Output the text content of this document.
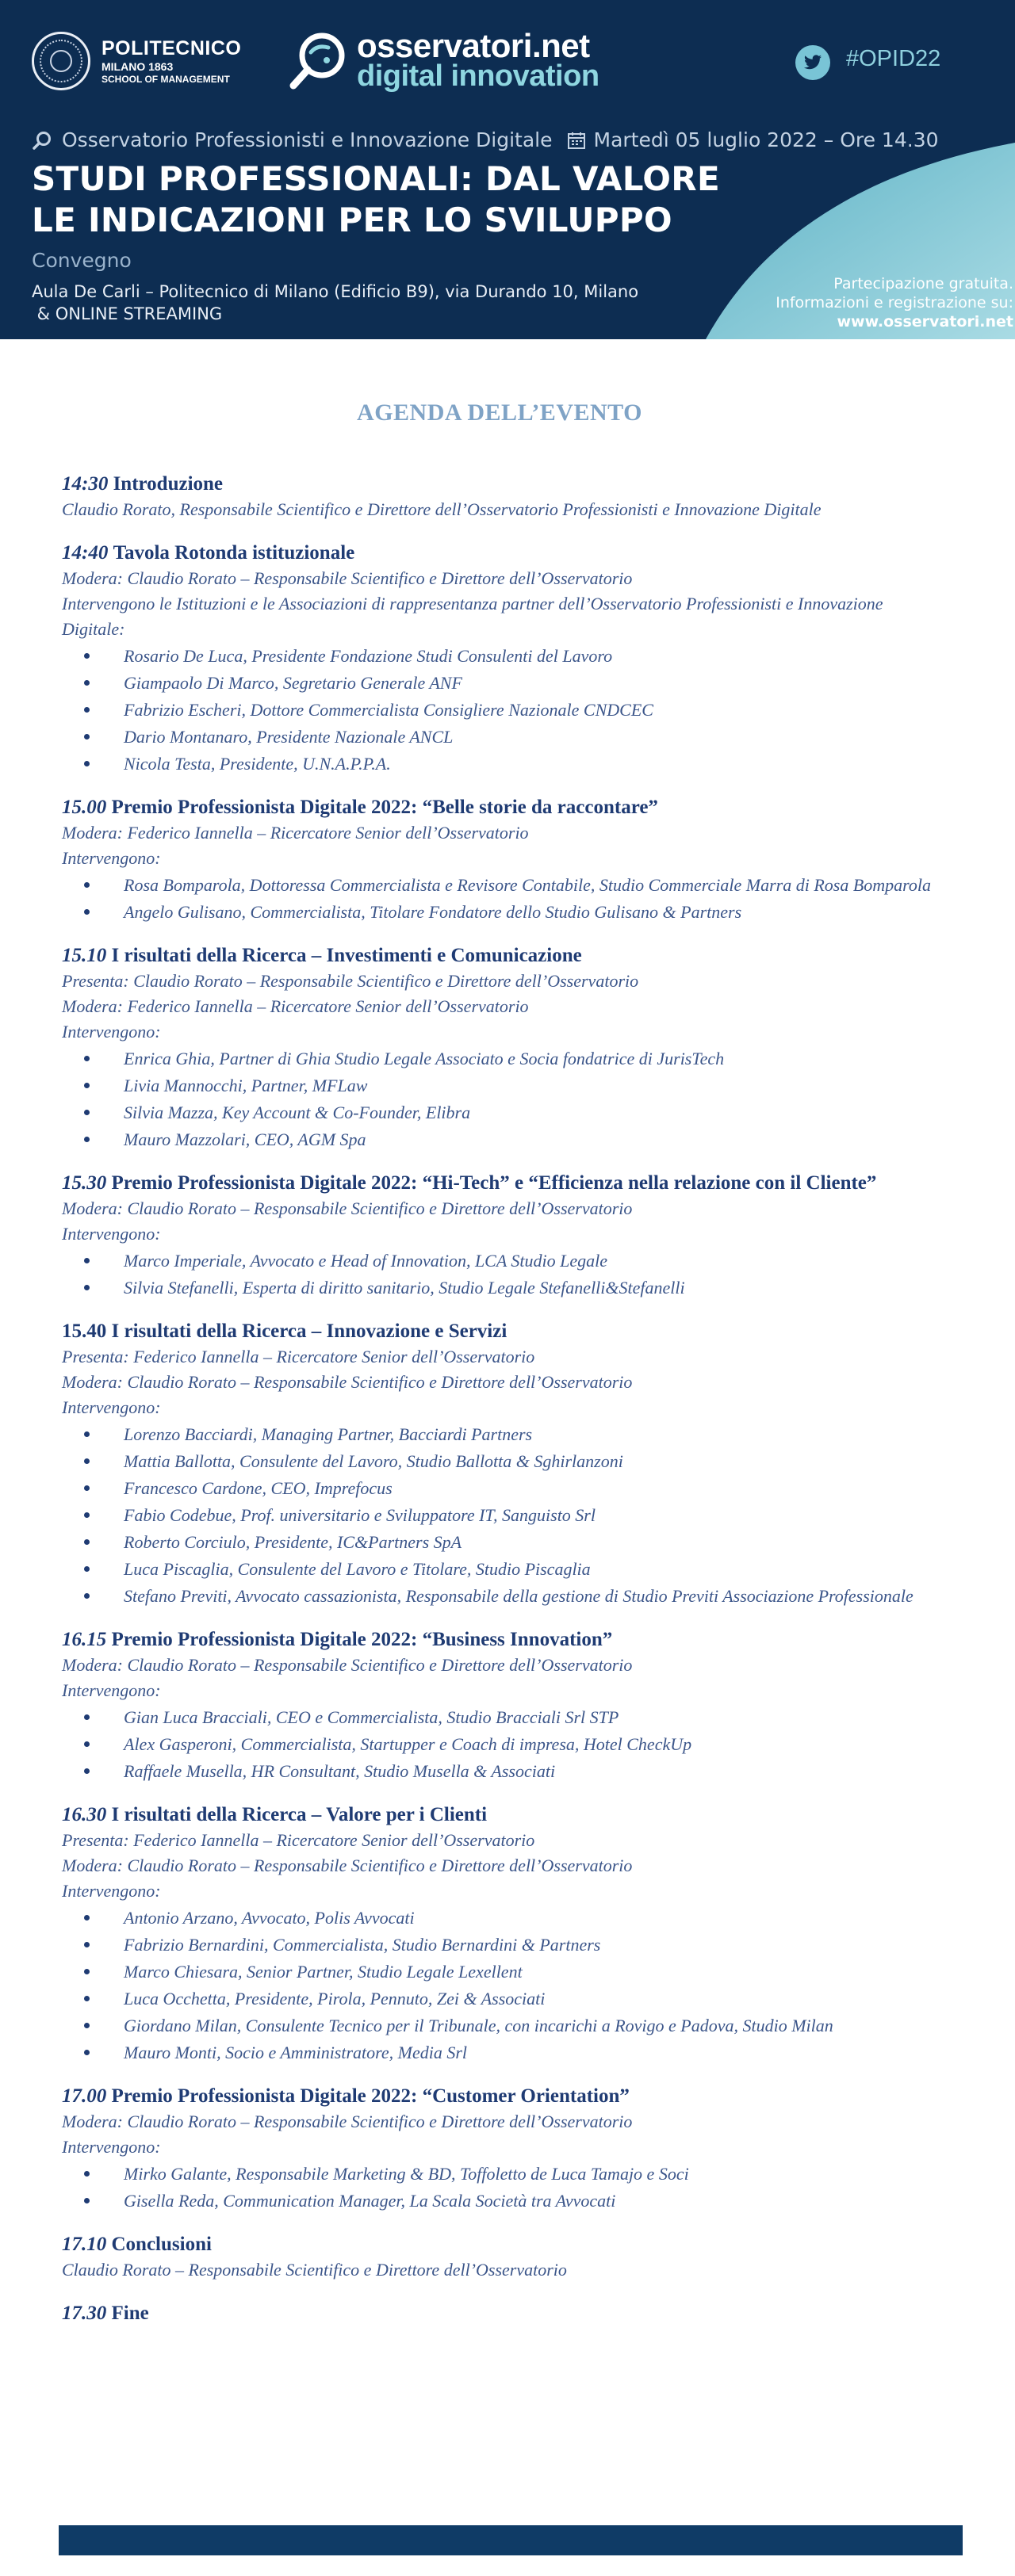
POLITECNICO
MILANO 1863
SCHOOL OF MANAGEMENT
osservatori.net
digital innovation
#OPID22
Osservatorio Professionisti e Innovazione Digitale Martedì 05 luglio 2022 – Ore 14.30
STUDI PROFESSIONALI: DAL VALORE
LE INDICAZIONI PER LO SVILUPPO
Convegno
Aula De Carli – Politecnico di Milano (Edificio B9), via Durando 10, Milano
& ONLINE STREAMING
Partecipazione gratuita.
Informazioni e registrazione su:
www.osservatori.net
AGENDA DELL’EVENTO
14:30 Introduzione
Claudio Rorato, Responsabile Scientifico e Direttore dell’Osservatorio Professionisti e Innovazione Digitale
14:40 Tavola Rotonda istituzionale
Modera: Claudio Rorato – Responsabile Scientifico e Direttore dell’Osservatorio
Intervengono le Istituzioni e le Associazioni di rappresentanza partner dell’Osservatorio Professionisti e Innovazione Digitale:
Rosario De Luca, Presidente Fondazione Studi Consulenti del Lavoro
Giampaolo Di Marco, Segretario Generale ANF
Fabrizio Escheri, Dottore Commercialista Consigliere Nazionale CNDCEC
Dario Montanaro, Presidente Nazionale ANCL
Nicola Testa, Presidente, U.N.A.P.P.A.
15.00 Premio Professionista Digitale 2022: “Belle storie da raccontare”
Modera: Federico Iannella – Ricercatore Senior dell’Osservatorio
Intervengono:
Rosa Bomparola, Dottoressa Commercialista e Revisore Contabile, Studio Commerciale Marra di Rosa Bomparola
Angelo Gulisano, Commercialista, Titolare Fondatore dello Studio Gulisano & Partners
15.10 I risultati della Ricerca – Investimenti e Comunicazione
Presenta: Claudio Rorato – Responsabile Scientifico e Direttore dell’Osservatorio
Modera: Federico Iannella – Ricercatore Senior dell’Osservatorio
Intervengono:
Enrica Ghia, Partner di Ghia Studio Legale Associato e Socia fondatrice di JurisTech
Livia Mannocchi, Partner, MFLaw
Silvia Mazza, Key Account & Co-Founder, Elibra
Mauro Mazzolari, CEO, AGM Spa
15.30 Premio Professionista Digitale 2022: “Hi-Tech” e “Efficienza nella relazione con il Cliente”
Modera: Claudio Rorato – Responsabile Scientifico e Direttore dell’Osservatorio
Intervengono:
Marco Imperiale, Avvocato e Head of Innovation, LCA Studio Legale
Silvia Stefanelli, Esperta di diritto sanitario, Studio Legale Stefanelli&Stefanelli
15.40 I risultati della Ricerca – Innovazione e Servizi
Presenta: Federico Iannella – Ricercatore Senior dell’Osservatorio
Modera: Claudio Rorato – Responsabile Scientifico e Direttore dell’Osservatorio
Intervengono:
Lorenzo Bacciardi, Managing Partner, Bacciardi Partners
Mattia Ballotta, Consulente del Lavoro, Studio Ballotta & Sghirlanzoni
Francesco Cardone, CEO, Imprefocus
Fabio Codebue, Prof. universitario e Sviluppatore IT, Sanguisto Srl
Roberto Corciulo, Presidente, IC&Partners SpA
Luca Piscaglia, Consulente del Lavoro e Titolare, Studio Piscaglia
Stefano Previti, Avvocato cassazionista, Responsabile della gestione di Studio Previti Associazione Professionale
16.15 Premio Professionista Digitale 2022: “Business Innovation”
Modera: Claudio Rorato – Responsabile Scientifico e Direttore dell’Osservatorio
Intervengono:
Gian Luca Bracciali, CEO e Commercialista, Studio Bracciali Srl STP
Alex Gasperoni, Commercialista, Startupper e Coach di impresa, Hotel CheckUp
Raffaele Musella, HR Consultant, Studio Musella & Associati
16.30 I risultati della Ricerca – Valore per i Clienti
Presenta: Federico Iannella – Ricercatore Senior dell’Osservatorio
Modera: Claudio Rorato – Responsabile Scientifico e Direttore dell’Osservatorio
Intervengono:
Antonio Arzano, Avvocato, Polis Avvocati
Fabrizio Bernardini, Commercialista, Studio Bernardini & Partners
Marco Chiesara, Senior Partner, Studio Legale Lexellent
Luca Occhetta, Presidente, Pirola, Pennuto, Zei & Associati
Giordano Milan, Consulente Tecnico per il Tribunale, con incarichi a Rovigo e Padova, Studio Milan
Mauro Monti, Socio e Amministratore, Media Srl
17.00 Premio Professionista Digitale 2022: “Customer Orientation”
Modera: Claudio Rorato – Responsabile Scientifico e Direttore dell’Osservatorio
Intervengono:
Mirko Galante, Responsabile Marketing & BD, Toffoletto de Luca Tamajo e Soci
Gisella Reda, Communication Manager, La Scala Società tra Avvocati
17.10 Conclusioni
Claudio Rorato – Responsabile Scientifico e Direttore dell’Osservatorio
17.30 Fine
